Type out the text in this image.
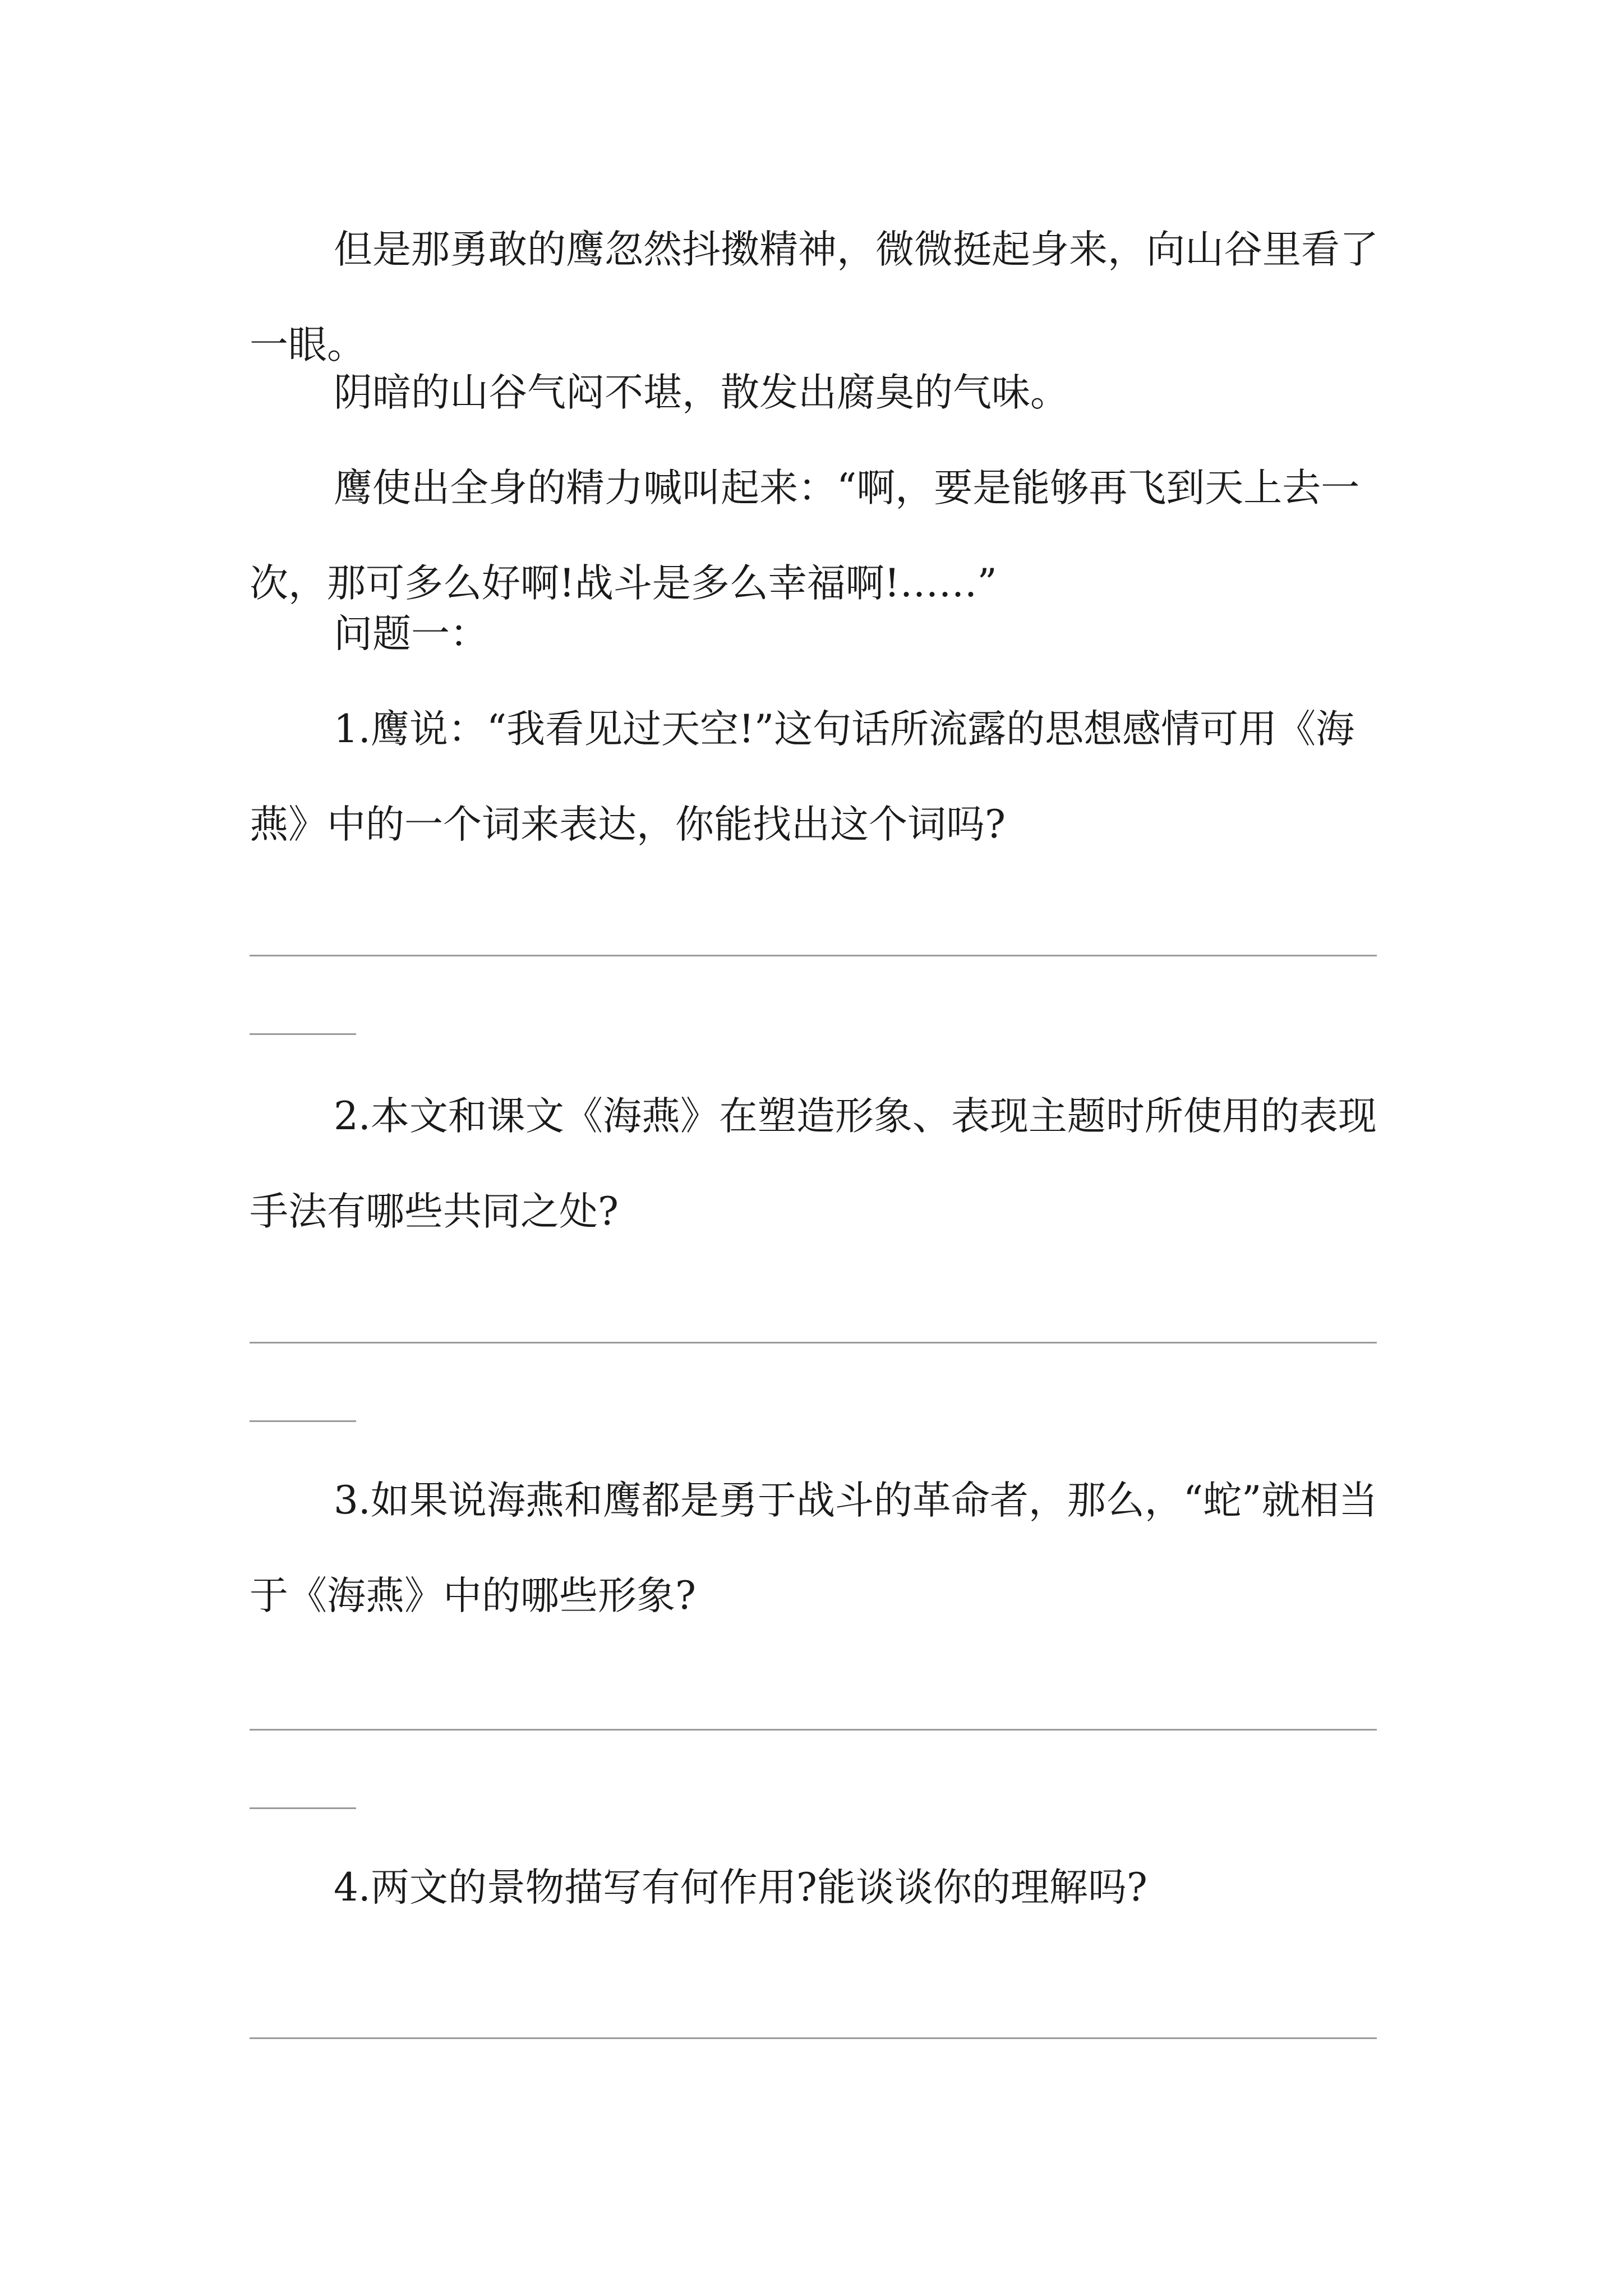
但是那勇敢的鹰忽然抖擞精神，微微挺起身来，向山谷里看了一眼。

阴暗的山谷气闷不堪，散发出腐臭的气味。

鹰使出全身的精力喊叫起来：“啊，要是能够再飞到天上去一次，那可多么好啊!战斗是多么幸福啊!……”

问题一：

1.鹰说：“我看见过天空!”这句话所流露的思想感情可用《海燕》中的一个词来表达，你能找出这个词吗?

2.本文和课文《海燕》在塑造形象、表现主题时所使用的表现手法有哪些共同之处?

3.如果说海燕和鹰都是勇于战斗的革命者，那么，“蛇”就相当于《海燕》中的哪些形象?

4.两文的景物描写有何作用?能谈谈你的理解吗?
